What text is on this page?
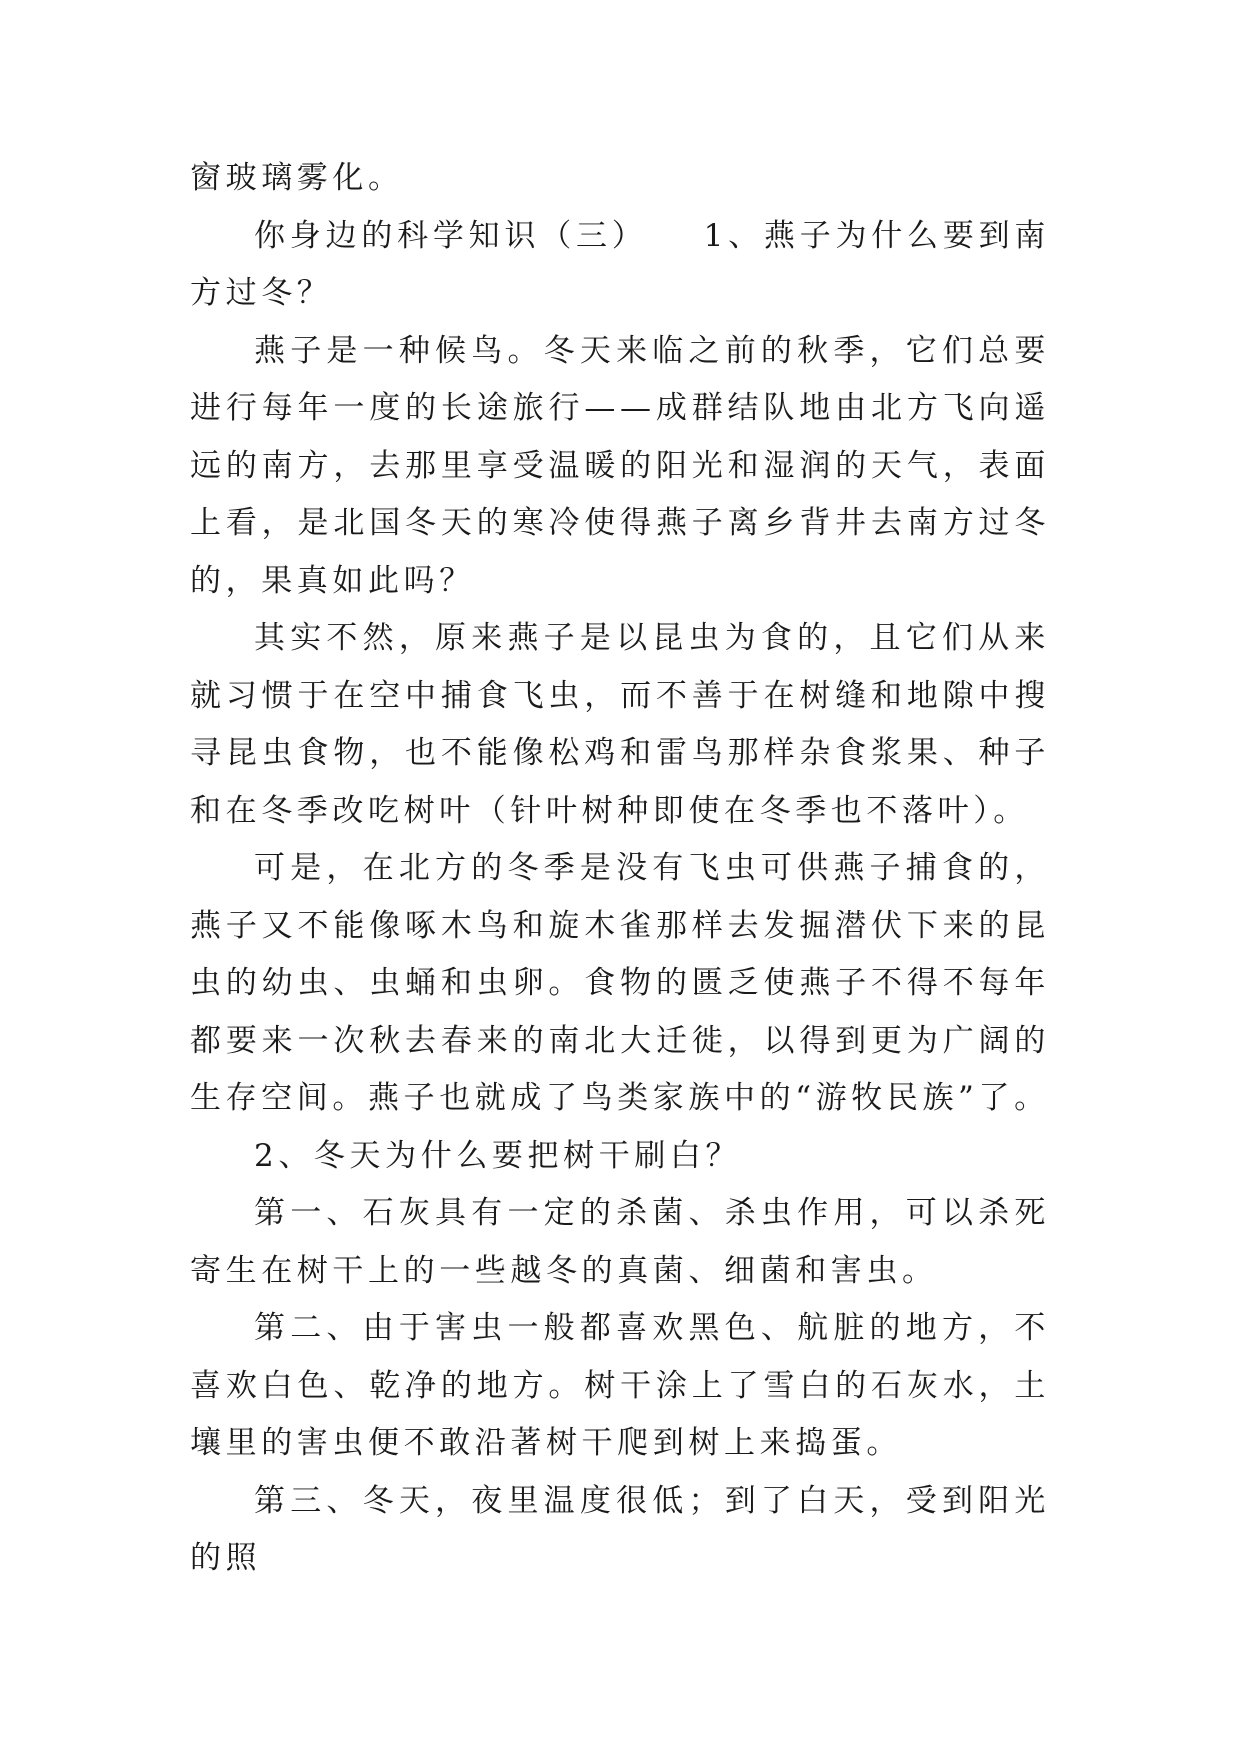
窗玻璃雾化。

你身边的科学知识（三）　　1、燕子为什么要到南方过冬？

燕子是一种候鸟。冬天来临之前的秋季，它们总要进行每年一度的长途旅行——成群结队地由北方飞向遥远的南方，去那里享受温暖的阳光和湿润的天气，表面上看，是北国冬天的寒冷使得燕子离乡背井去南方过冬的，果真如此吗？

其实不然，原来燕子是以昆虫为食的，且它们从来就习惯于在空中捕食飞虫，而不善于在树缝和地隙中搜寻昆虫食物，也不能像松鸡和雷鸟那样杂食浆果、种子和在冬季改吃树叶（针叶树种即使在冬季也不落叶）。

可是，在北方的冬季是没有飞虫可供燕子捕食的，燕子又不能像啄木鸟和旋木雀那样去发掘潜伏下来的昆虫的幼虫、虫蛹和虫卵。食物的匮乏使燕子不得不每年都要来一次秋去春来的南北大迁徙，以得到更为广阔的生存空间。燕子也就成了鸟类家族中的“游牧民族”了。

2、冬天为什么要把树干刷白？

第一、石灰具有一定的杀菌、杀虫作用，可以杀死寄生在树干上的一些越冬的真菌、细菌和害虫。

第二、由于害虫一般都喜欢黑色、航脏的地方，不喜欢白色、乾净的地方。树干涂上了雪白的石灰水，土壤里的害虫便不敢沿著树干爬到树上来捣蛋。

第三、冬天，夜里温度很低；到了白天，受到阳光的照
